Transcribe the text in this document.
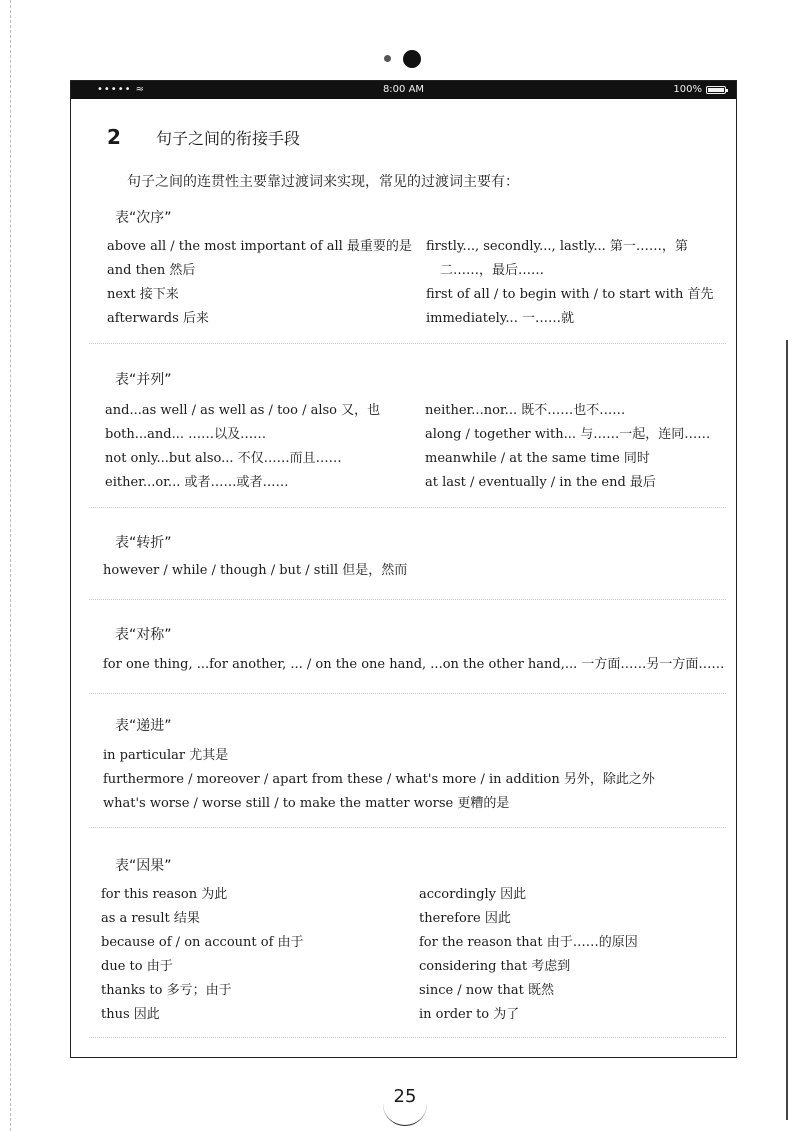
••••• ≈	8:00 AM	100%
2 句子之间的衔接手段
句子之间的连贯性主要靠过渡词来实现，常见的过渡词主要有：
表“次序”
above all / the most important of all 最重要的是
and then 然后
next 接下来
afterwards 后来
firstly..., secondly..., lastly... 第一……，第
二……，最后……
first of all / to begin with / to start with 首先
immediately... 一……就
表“并列”
and...as well / as well as / too / also 又，也
both...and... ……以及……
not only...but also... 不仅……而且……
either...or... 或者……或者……
neither...nor... 既不……也不……
along / together with... 与……一起，连同……
meanwhile / at the same time 同时
at last / eventually / in the end 最后
表“转折”
however / while / though / but / still 但是，然而
表“对称”
for one thing, ...for another, ... / on the one hand, ...on the other hand,... 一方面……另一方面……
表“递进”
in particular 尤其是
furthermore / moreover / apart from these / what's more / in addition 另外，除此之外
what's worse / worse still / to make the matter worse 更糟的是
表“因果”
for this reason 为此
as a result 结果
because of / on account of 由于
due to 由于
thanks to 多亏；由于
thus 因此
accordingly 因此
therefore 因此
for the reason that 由于……的原因
considering that 考虑到
since / now that 既然
in order to 为了
25
